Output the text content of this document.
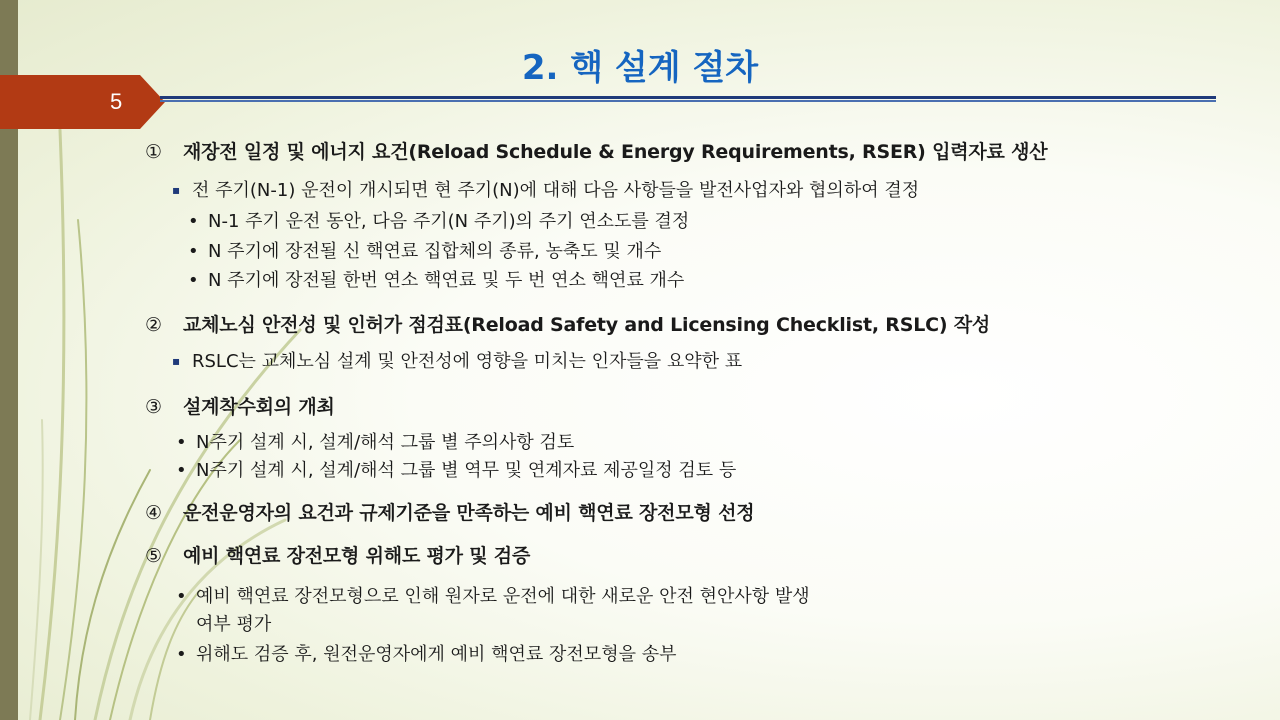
5
2. 핵 설계 절차
① 재장전 일정 및 에너지 요건(Reload Schedule & Energy Requirements, RSER) 입력자료 생산
▪ 전 주기(N-1) 운전이 개시되면 현 주기(N)에 대해 다음 사항들을 발전사업자와 협의하여 결정
• N-1 주기 운전 동안, 다음 주기(N 주기)의 주기 연소도를 결정
• N 주기에 장전될 신 핵연료 집합체의 종류, 농축도 및 개수
• N 주기에 장전될 한번 연소 핵연료 및 두 번 연소 핵연료 개수
② 교체노심 안전성 및 인허가 점검표(Reload Safety and Licensing Checklist, RSLC) 작성
▪ RSLC는 교체노심 설계 및 안전성에 영향을 미치는 인자들을 요약한 표
③ 설계착수회의 개최
• N주기 설계 시, 설계/해석 그룹 별 주의사항 검토
• N주기 설계 시, 설계/해석 그룹 별 역무 및 연계자료 제공일정 검토 등
④ 운전운영자의 요건과 규제기준을 만족하는 예비 핵연료 장전모형 선정
⑤ 예비 핵연료 장전모형 위해도 평가 및 검증
• 예비 핵연료 장전모형으로 인해 원자로 운전에 대한 새로운 안전 현안사항 발생
여부 평가
• 위해도 검증 후, 원전운영자에게 예비 핵연료 장전모형을 송부
